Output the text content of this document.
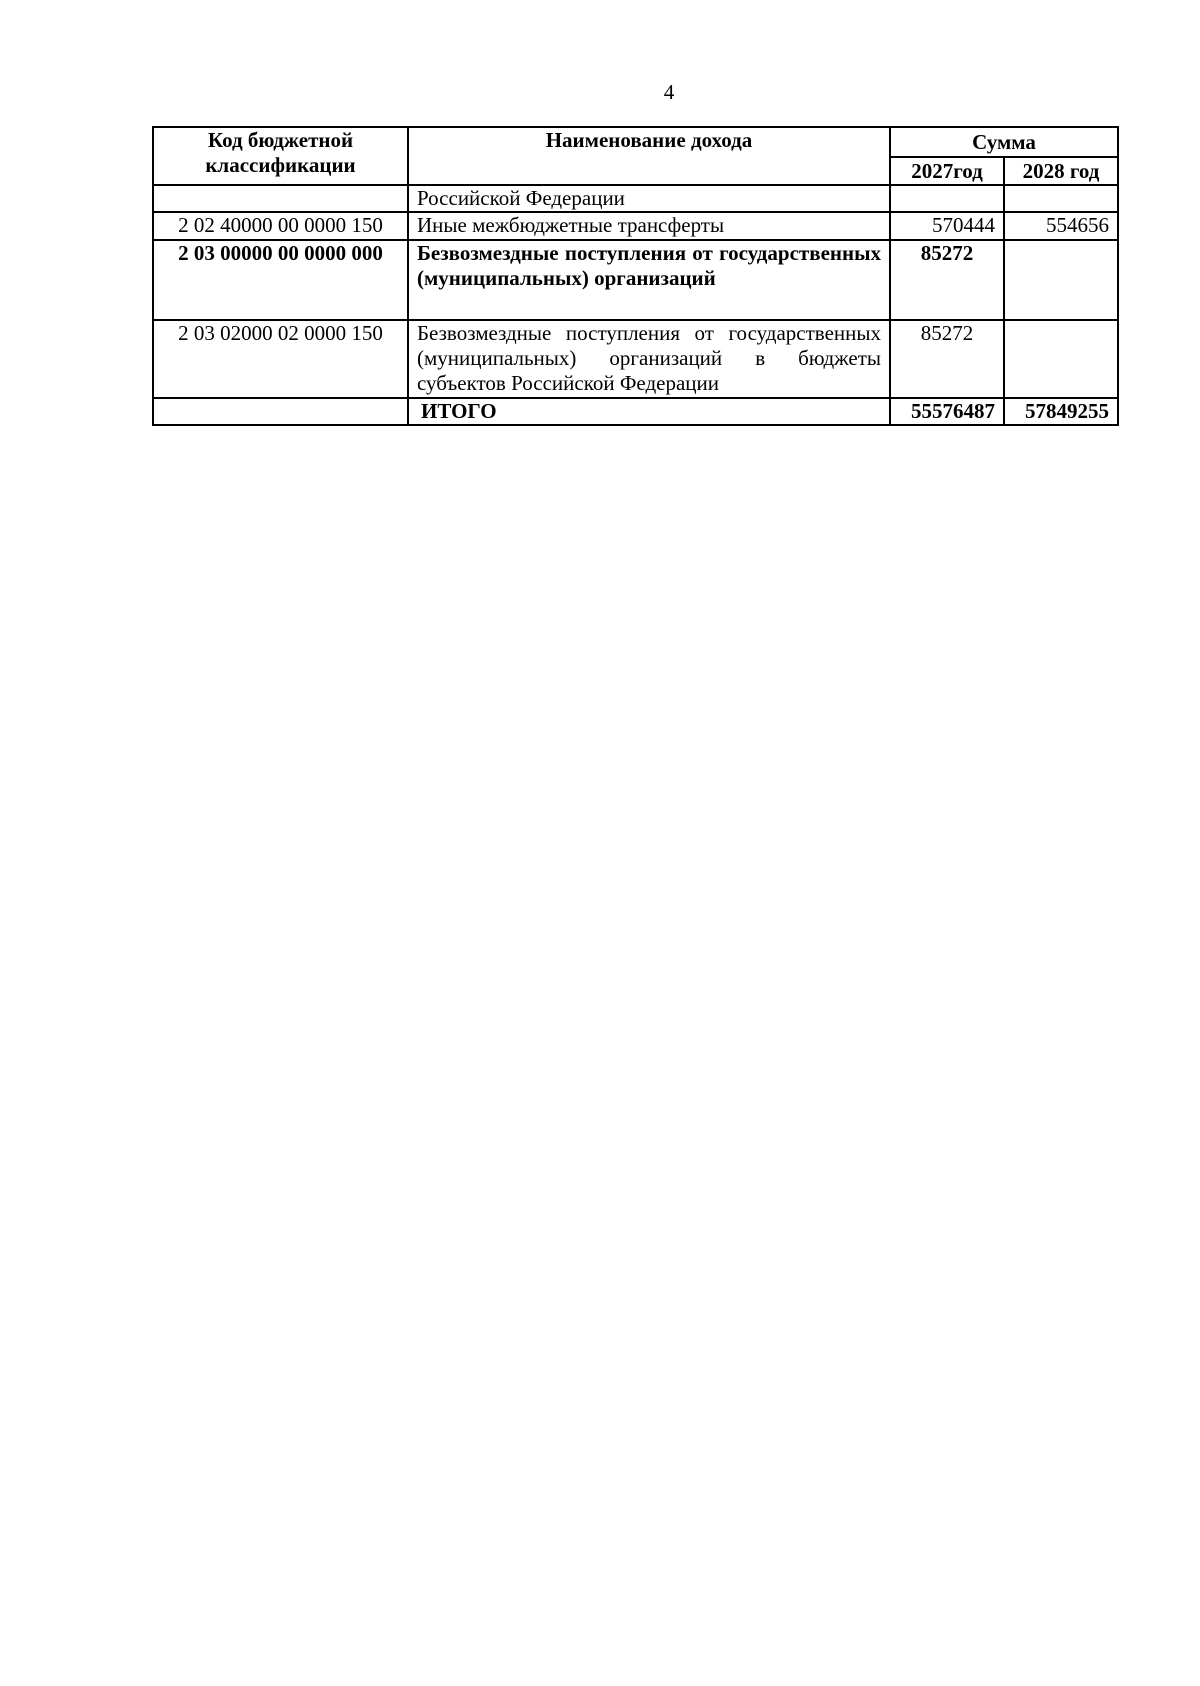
4
Код бюджетной классификации	Наименование дохода	Сумма	
		2027год	2028 год
	Российской Федерации		
2 02 40000 00 0000 150	Иные межбюджетные трансферты	570444	554656
2 03 00000 00 0000 000	Безвозмездные поступления от государственных (муниципальных) организаций	85272	
2 03 02000 02 0000 150	Безвозмездные поступления от государственных (муниципальных) организаций в бюджеты субъектов Российской Федерации	85272	
	ИТОГО	55576487	57849255
